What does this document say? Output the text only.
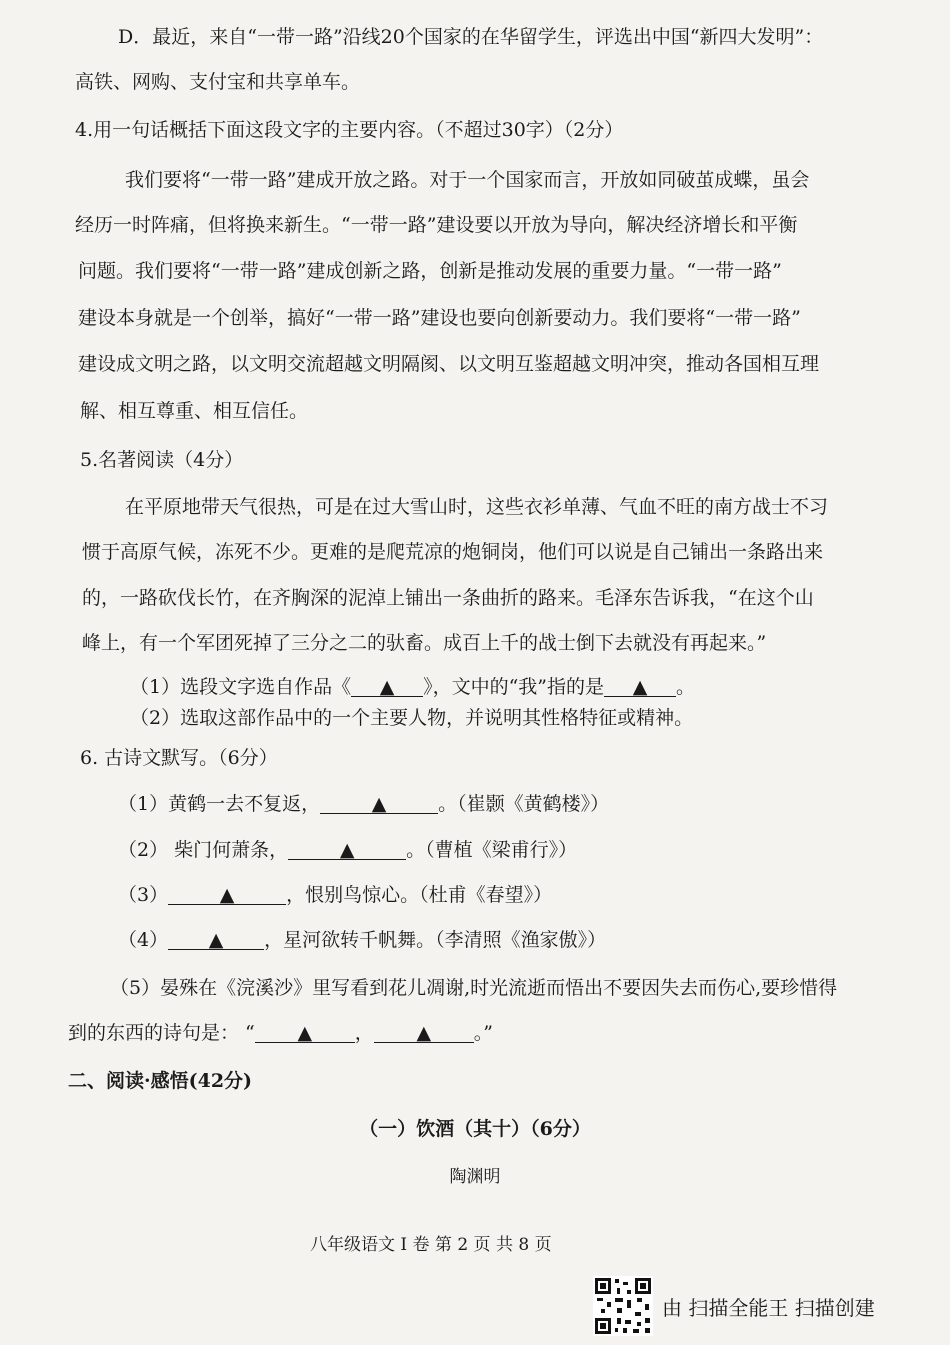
D．最近，来自“一带一路”沿线20个国家的在华留学生，评选出中国“新四大发明”：
高铁、网购、支付宝和共享单车。
4.用一句话概括下面这段文字的主要内容。（不超过30字）（2分）
我们要将“一带一路”建成开放之路。对于一个国家而言，开放如同破茧成蝶，虽会
经历一时阵痛，但将换来新生。“一带一路”建设要以开放为导向，解决经济增长和平衡
问题。我们要将“一带一路”建成创新之路，创新是推动发展的重要力量。“一带一路”
建设本身就是一个创举，搞好“一带一路”建设也要向创新要动力。我们要将“一带一路”
建设成文明之路，以文明交流超越文明隔阂、以文明互鉴超越文明冲突，推动各国相互理
解、相互尊重、相互信任。
5.名著阅读（4分）
在平原地带天气很热，可是在过大雪山时，这些衣衫单薄、气血不旺的南方战士不习
惯于高原气候，冻死不少。更难的是爬荒凉的炮铜岗，他们可以说是自己铺出一条路出来
的，一路砍伐长竹，在齐胸深的泥淖上铺出一条曲折的路来。毛泽东告诉我，“在这个山
峰上，有一个军团死掉了三分之二的驮畜。成百上千的战士倒下去就没有再起来。”
（1）选段文字选自作品《 ▲ 》，文中的“我”指的是 ▲ 。
（2）选取这部作品中的一个主要人物，并说明其性格特征或精神。
6. 古诗文默写。（6分）
（1）黄鹤一去不复返，	▲	。（崔颢《黄鹤楼》）
（2） 柴门何萧条，	▲	。（曹植《梁甫行》）
（3）	▲	，恨别鸟惊心。（杜甫《春望》）
（4） ▲ ，星河欲转千帆舞。（李清照《渔家傲》）
（5）晏殊在《浣溪沙》里写看到花儿凋谢,时光流逝而悟出不要因失去而伤心,要珍惜得
到的东西的诗句是： “ ▲ ， ▲ 。”
二、阅读·感悟(42分)
（一）饮酒（其十）（6分）
陶渊明
八年级语文 I 卷 第 2 页 共 8 页
由 扫描全能王 扫描创建
